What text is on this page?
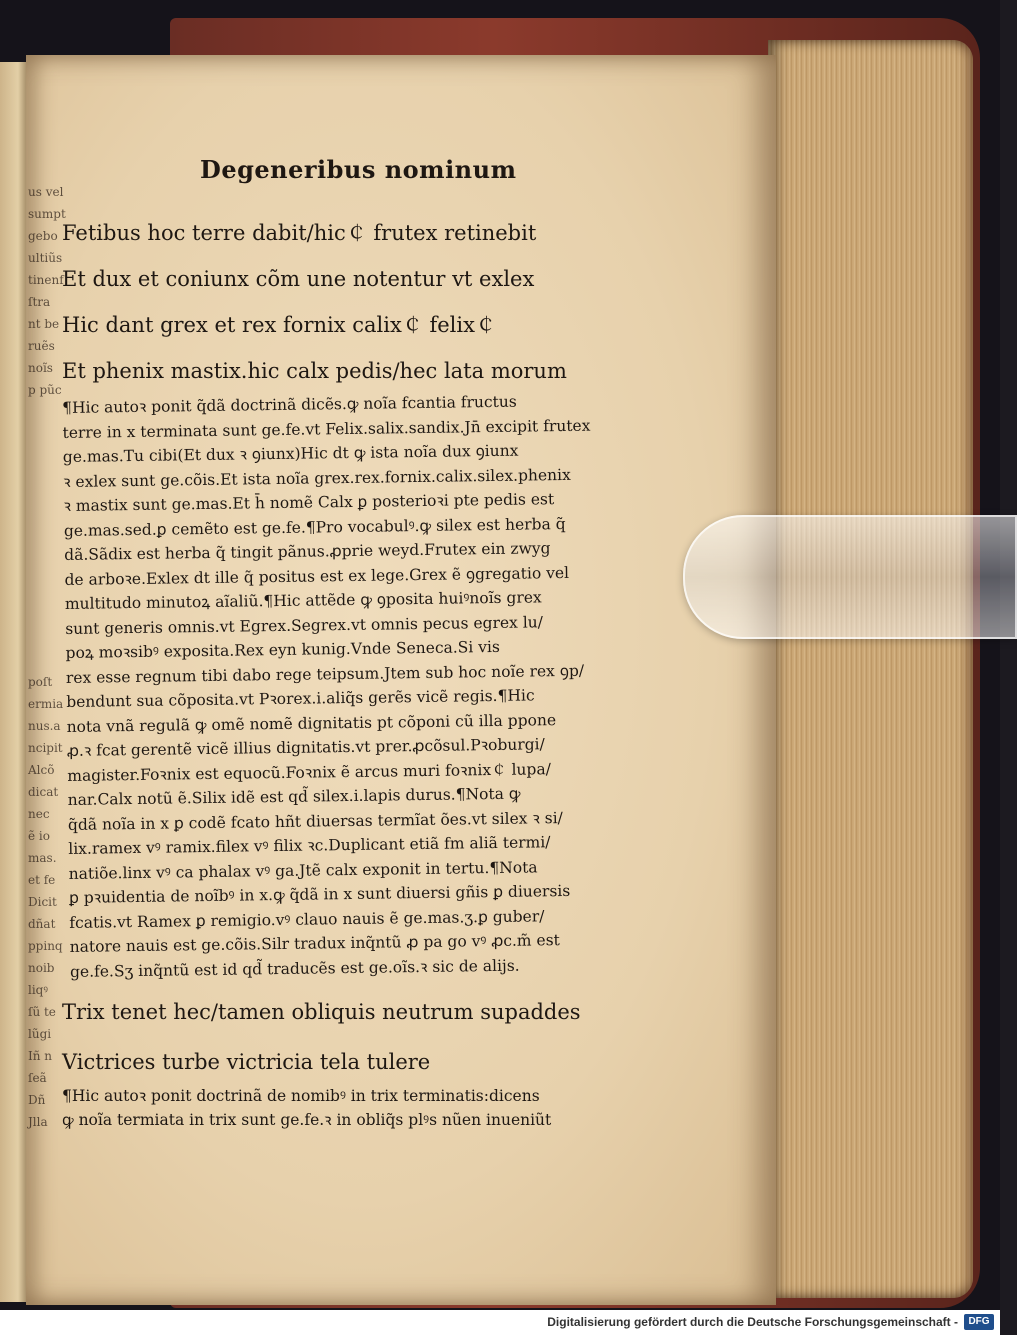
us vel
sumpt
gebo
ultiũs
tinenf
ſtra
nt be
ruẽs
noĩs
p pũc
poſt
ermia
nus.a
ncipit
Alcõ
dicat
nec
ẽ io
mas.
et fe
Dicit
dñat
ppinq
noib
liqꝰ
ſũ te
lũgi
Iñ n
ſeã
Dñ
Jlla
Degeneribus nominum
Fetibus hoc terre dabit/hic￠ frutex retinebit
Et dux et coniunx cõm une notentur vt exlex
Hic dant grex et rex fornix calix￠ felix￠
Et phenix mastix.hic calx pedis/hec lata morum
¶Hic autoꝛ ponit q̃dã doctrinã dicẽs.ꝙ noĩa fcantia fructus
terre in x terminata sunt ge.fe.vt Felix.salix.sandix.Jn̄ excipit frutex
ge.mas.Tu cibi(Et dux ꝛ ꝯiunx)Hic dt ꝙ ista noĩa dux ꝯiunx
ꝛ exlex sunt ge.cõis.Et ista noĩa grex.rex.fornix.calix.silex.phenix
ꝛ mastix sunt ge.mas.Et h̄ nomẽ Calx ꝑ posterioꝛi pte pedis est
ge.mas.sed.ꝑ cemẽto est ge.fe.¶Pro vocabulꝰ.ꝙ silex est herba q̃
dã.Sãdix est herba q̃ tingit pãnus.ꝓprie weyd.Frutex ein zwyg
de arboꝛe.Exlex dt ille q̃ positus est ex lege.Grex ẽ ꝯgregatio vel
multitudo minutoꝝ aĩaliũ.¶Hic attẽde ꝙ ꝯposita huiꝰnoĩs grex
sunt generis omnis.vt Egrex.Segrex.vt omnis pecus egrex lu/
poꝝ moꝛsibꝰ exposita.Rex eyn kunig.Vnde Seneca.Si vis
rex esse regnum tibi dabo rege teipsum.Jtem sub hoc noĩe rex ꝯp/
bendunt sua cõposita.vt Pꝛorex.i.aliq̃s gerẽs vicẽ regis.¶Hic
nota vnã regulã ꝙ omẽ nomẽ dignitatis pt cõponi cũ illa ppone
ꝓ.ꝛ fcat gerentẽ vicẽ illius dignitatis.vt prer.ꝓcõsul.Pꝛoburgi/
magister.Foꝛnix est equocũ.Foꝛnix ẽ arcus muri foꝛnix￠ lupa/
nar.Calx notũ ẽ.Silix idẽ est qd̃ silex.i.lapis durus.¶Nota ꝙ
q̃dã noĩa in x ꝑ codẽ fcato hñt diuersas termĩat ões.vt silex ꝛ si/
lix.ramex vꝰ ramix.filex vꝰ filix ꝛc.Duplicant etiã fm aliã termi/
natiõe.linx vꝰ ca phalax vꝰ ga.Jtẽ calx exponit in tertu.¶Nota
ꝑ pꝛuidentia de noĩbꝰ in x.ꝙ q̃dã in x sunt diuersi gñis ꝑ diuersis
fcatis.vt Ramex ꝑ remigio.vꝰ clauo nauis ẽ ge.mas.ʒ.ꝑ guber/
natore nauis est ge.cõis.Silr tradux inq̃ntũ ꝓ pa go vꝰ ꝓc.m̃ est
ge.fe.Sʒ inq̃ntũ est id qd̃ traducẽs est ge.oĩs.ꝛ sic de alijs.
Trix tenet hec/tamen obliquis neutrum supaddes
Victrices turbe victricia tela tulere
¶Hic autoꝛ ponit doctrinã de nomibꝰ in trix terminatis:dicens
ꝙ noĩa termiata in trix sunt ge.fe.ꝛ in obliq̃s plꝰs nũen inueniũt
Digitalisierung gefördert durch die Deutsche Forschungsgemeinschaft -	DFG
